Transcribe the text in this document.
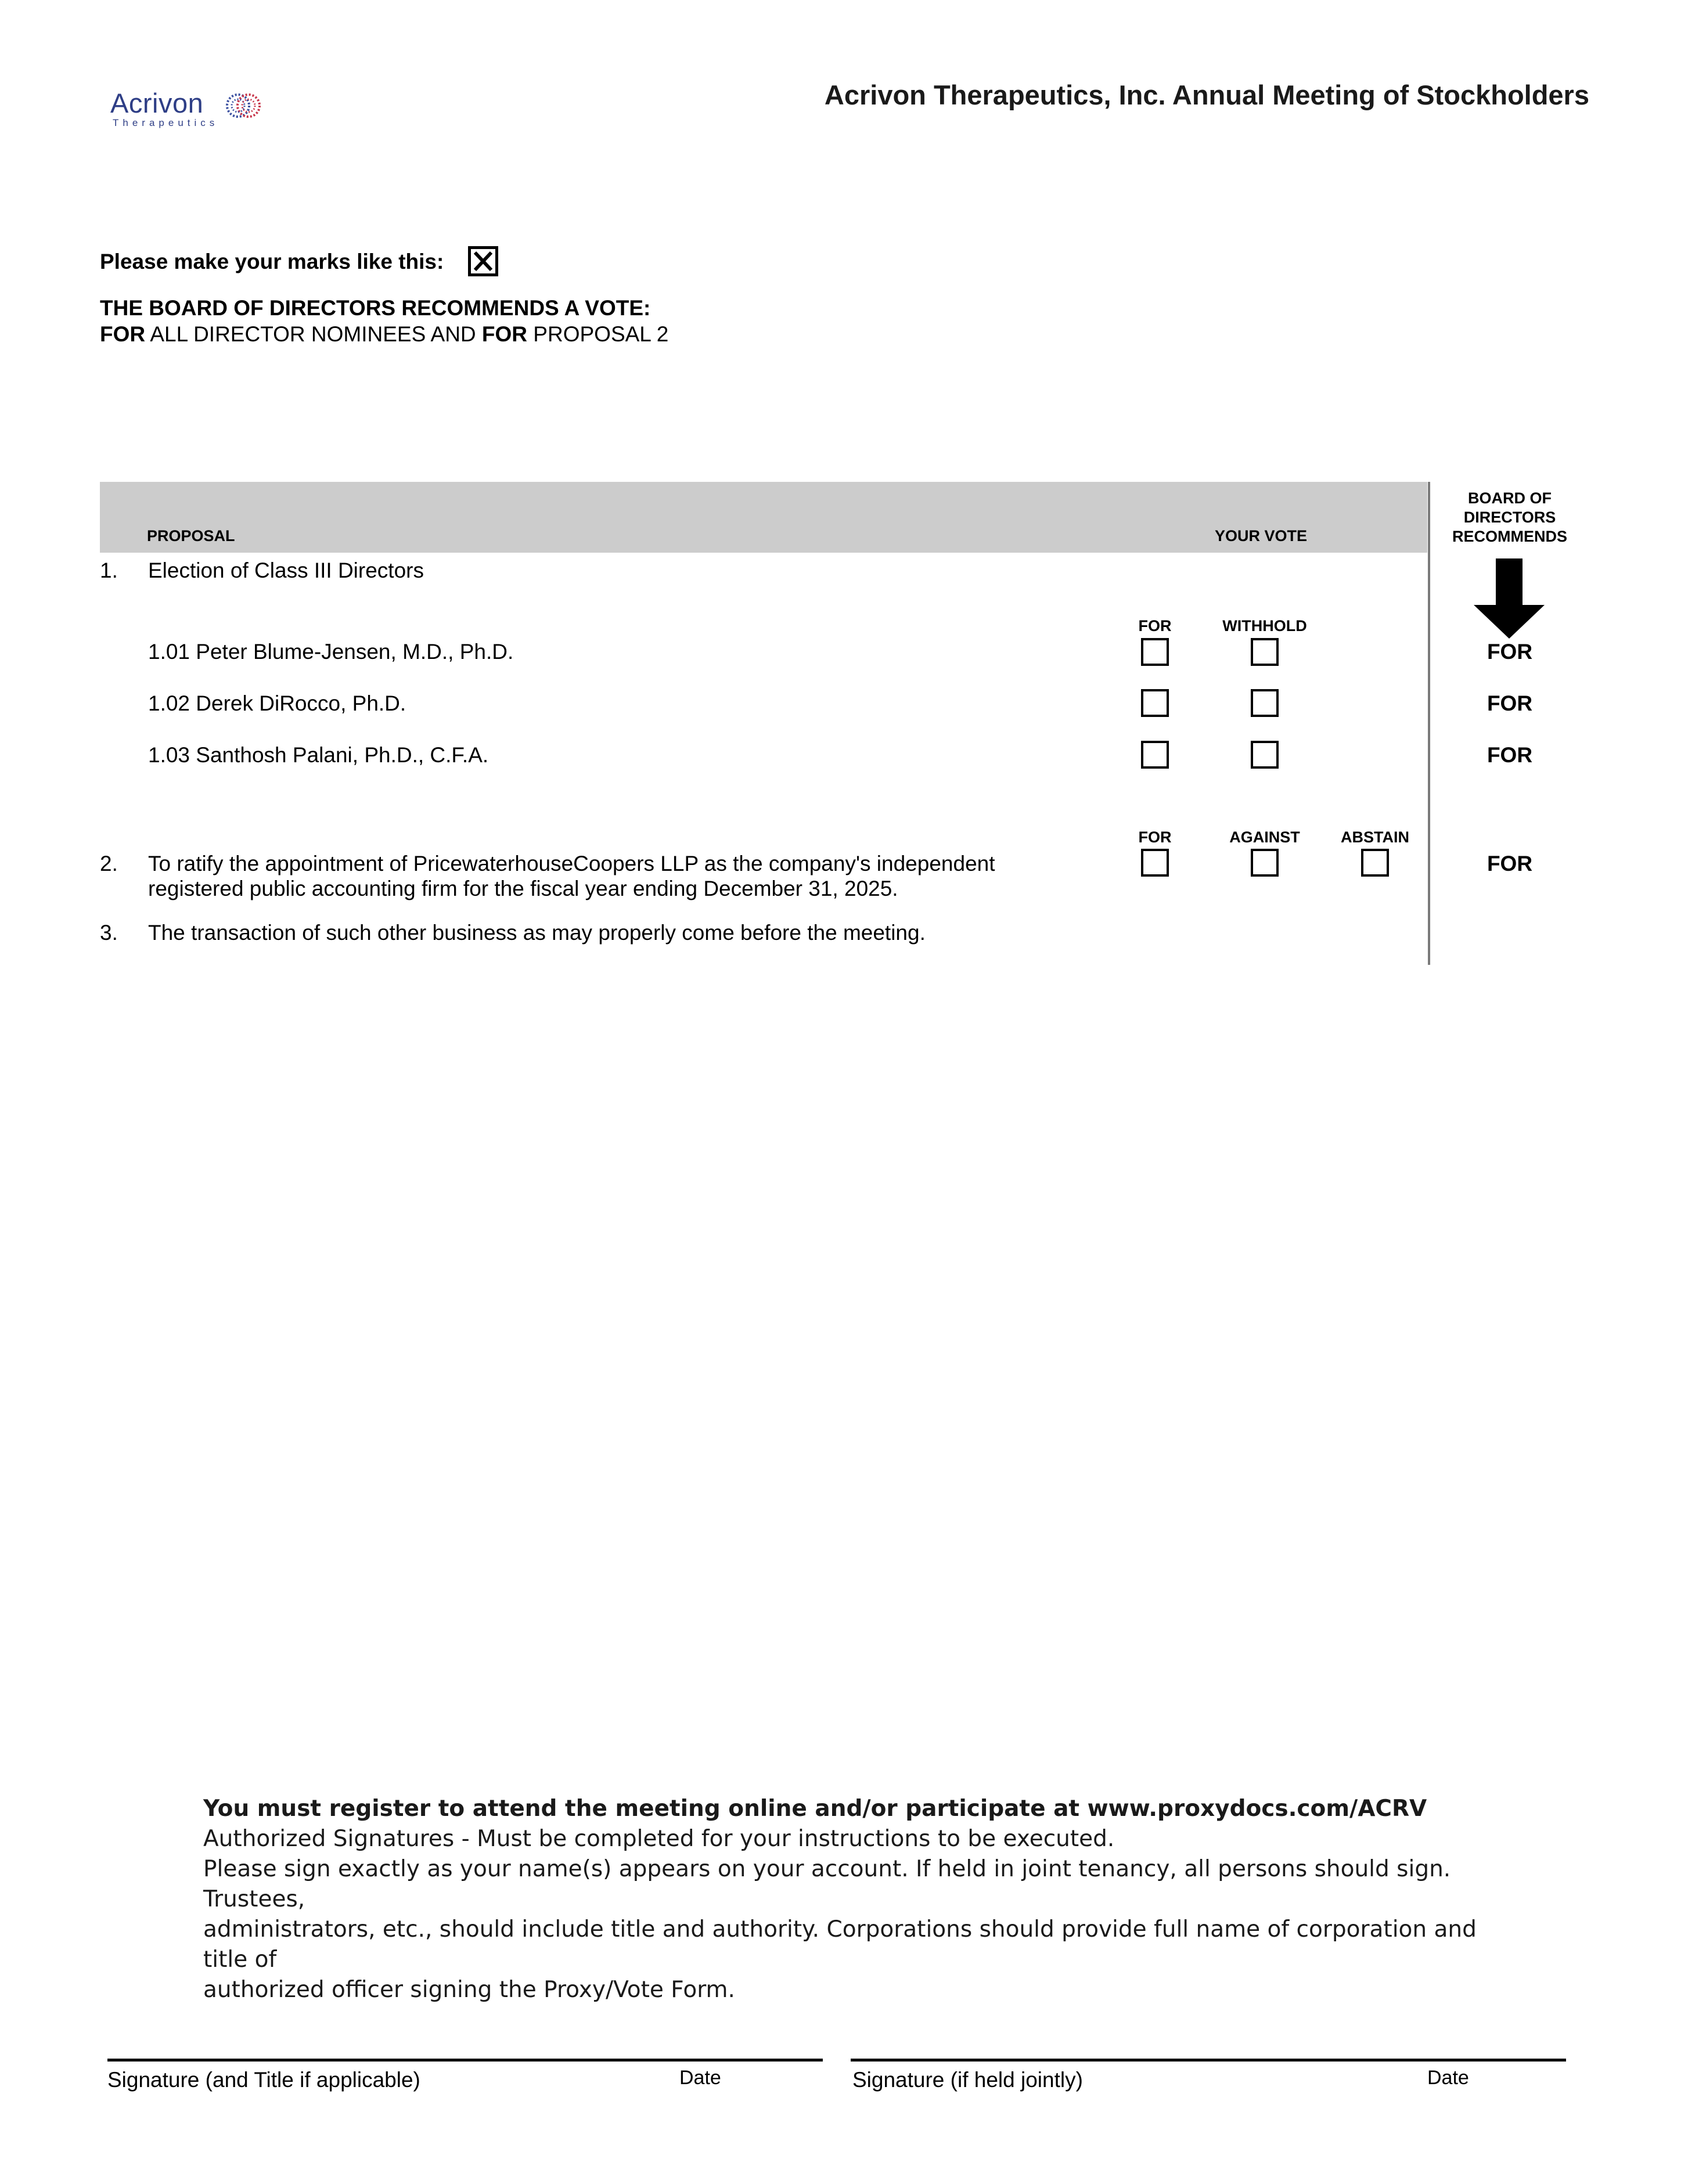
Acrivon
Therapeutics
Acrivon Therapeutics, Inc. Annual Meeting of Stockholders
Please make your marks like this:
THE BOARD OF DIRECTORS RECOMMENDS A VOTE:
FOR ALL DIRECTOR NOMINEES AND FOR PROPOSAL 2
PROPOSAL	YOUR VOTE
BOARD OF
DIRECTORS
RECOMMENDS
1. Election of Class III Directors
FOR	WITHHOLD
1.01 Peter Blume-Jensen, M.D., Ph.D.	FOR
1.02 Derek DiRocco, Ph.D.	FOR
1.03 Santhosh Palani, Ph.D., C.F.A.	FOR
FOR	AGAINST	ABSTAIN
2. To ratify the appointment of PricewaterhouseCoopers LLP as the company's independent
registered public accounting firm for the fiscal year ending December 31, 2025.
FOR
3. The transaction of such other business as may properly come before the meeting.
You must register to attend the meeting online and/or participate at www.proxydocs.com/ACRV
Authorized Signatures - Must be completed for your instructions to be executed.
Please sign exactly as your name(s) appears on your account. If held in joint tenancy, all persons should sign. Trustees,
administrators, etc., should include title and authority. Corporations should provide full name of corporation and title of
authorized officer signing the Proxy/Vote Form.
Signature (and Title if applicable)	Date	Signature (if held jointly)	Date
